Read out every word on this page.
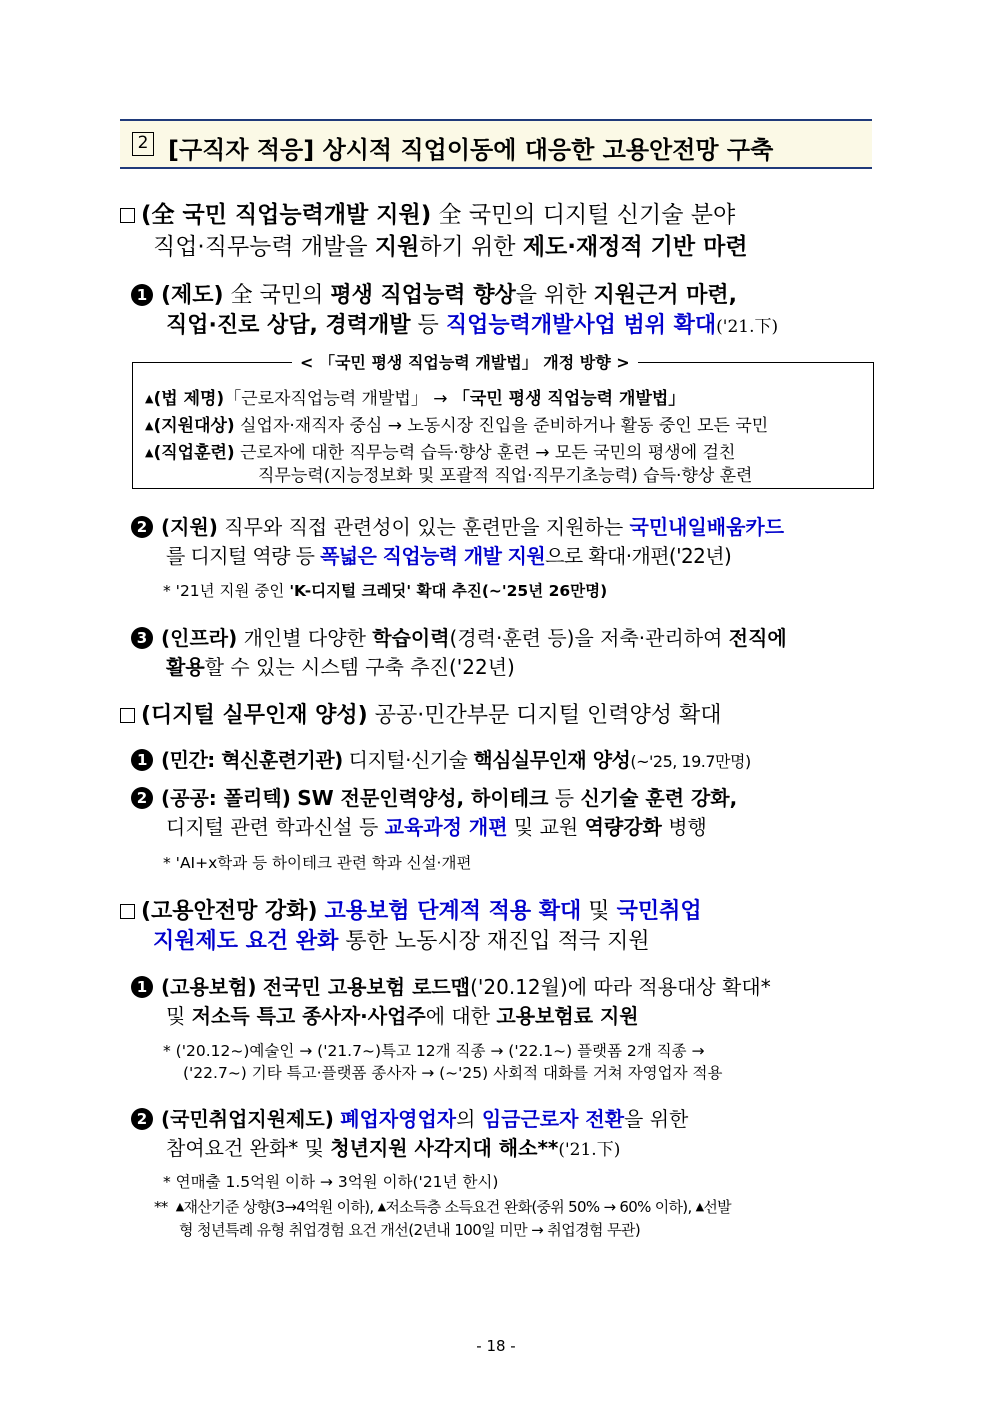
2 [구직자 적응] 상시적 직업이동에 대응한 고용안전망 구축
(全 국민 직업능력개발 지원) 全 국민의 디지털 신기술 분야
직업·직무능력 개발을 지원하기 위한 제도·재정적 기반 마련
1 (제도) 全 국민의 평생 직업능력 향상을 위한 지원근거 마련,
직업·진로 상담, 경력개발 등 직업능력개발사업 범위 확대('21.下)
< 「국민 평생 직업능력 개발법」 개정 방향 >
▲(법 제명)「근로자직업능력 개발법」 → 「국민 평생 직업능력 개발법」
▲(지원대상) 실업자·재직자 중심 → 노동시장 진입을 준비하거나 활동 중인 모든 국민
▲(직업훈련) 근로자에 대한 직무능력 습득·향상 훈련 → 모든 국민의 평생에 걸친
직무능력(지능정보화 및 포괄적 직업·직무기초능력) 습득·향상 훈련
2 (지원) 직무와 직접 관련성이 있는 훈련만을 지원하는 국민내일배움카드
를 디지털 역량 등 폭넓은 직업능력 개발 지원으로 확대·개편('22년)
* '21년 지원 중인 'K-디지털 크레딧' 확대 추진(~'25년 26만명)
3 (인프라) 개인별 다양한 학습이력(경력·훈련 등)을 저축·관리하여 전직에
활용할 수 있는 시스템 구축 추진('22년)
(디지털 실무인재 양성) 공공·민간부문 디지털 인력양성 확대
1 (민간: 혁신훈련기관) 디지털·신기술 핵심실무인재 양성(~'25, 19.7만명)
2 (공공: 폴리텍) SW 전문인력양성, 하이테크 등 신기술 훈련 강화,
디지털 관련 학과신설 등 교육과정 개편 및 교원 역량강화 병행
* 'AI+x학과 등 하이테크 관련 학과 신설·개편
(고용안전망 강화) 고용보험 단계적 적용 확대 및 국민취업
지원제도 요건 완화 통한 노동시장 재진입 적극 지원
1 (고용보험) 전국민 고용보험 로드맵('20.12월)에 따라 적용대상 확대*
및 저소득 특고 종사자·사업주에 대한 고용보험료 지원
* ('20.12~)예술인 → ('21.7~)특고 12개 직종 → ('22.1~) 플랫폼 2개 직종 →
('22.7~) 기타 특고·플랫폼 종사자 → (~'25) 사회적 대화를 거쳐 자영업자 적용
2 (국민취업지원제도) 폐업자영업자의 임금근로자 전환을 위한
참여요건 완화* 및 청년지원 사각지대 해소**('21.下)
* 연매출 1.5억원 이하 → 3억원 이하('21년 한시)
** ▲재산기준 상향(3→4억원 이하), ▲저소득층 소득요건 완화(중위 50% → 60% 이하), ▲선발
형 청년특례 유형 취업경험 요건 개선(2년내 100일 미만 → 취업경험 무관)
- 18 -
